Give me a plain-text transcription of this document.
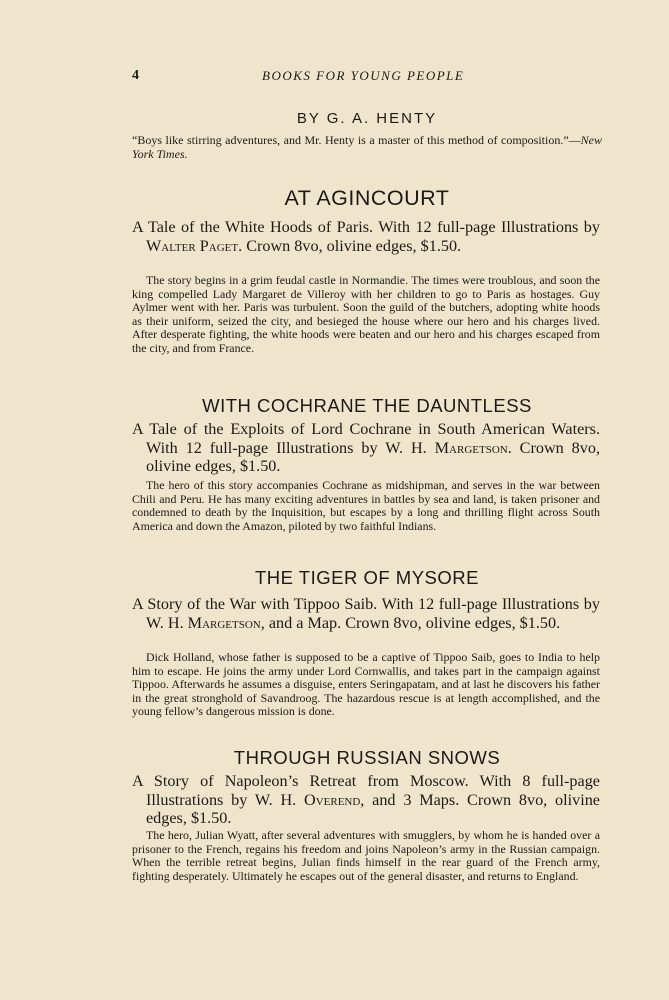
4	BOOKS FOR YOUNG PEOPLE
BY G. A. HENTY
“Boys like stirring adventures, and Mr. Henty is a master of this method of composition.”—New York Times.
AT AGINCOURT
A Tale of the White Hoods of Paris. With 12 full-page Illustrations by Walter Paget. Crown 8vo, olivine edges, $1.50.
The story begins in a grim feudal castle in Normandie. The times were troublous, and soon the king compelled Lady Margaret de Villeroy with her children to go to Paris as hostages. Guy Aylmer went with her. Paris was turbulent. Soon the guild of the butchers, adopting white hoods as their uniform, seized the city, and besieged the house where our hero and his charges lived. After desperate fighting, the white hoods were beaten and our hero and his charges escaped from the city, and from France.
WITH COCHRANE THE DAUNTLESS
A Tale of the Exploits of Lord Cochrane in South American Waters. With 12 full-page Illustrations by W. H. Margetson. Crown 8vo, olivine edges, $1.50.
The hero of this story accompanies Cochrane as midshipman, and serves in the war between Chili and Peru. He has many exciting adventures in battles by sea and land, is taken prisoner and condemned to death by the Inquisition, but escapes by a long and thrilling flight across South America and down the Amazon, piloted by two faithful Indians.
THE TIGER OF MYSORE
A Story of the War with Tippoo Saib. With 12 full-page Illustrations by W. H. Margetson, and a Map. Crown 8vo, olivine edges, $1.50.
Dick Holland, whose father is supposed to be a captive of Tippoo Saib, goes to India to help him to escape. He joins the army under Lord Cornwallis, and takes part in the campaign against Tippoo. Afterwards he assumes a disguise, enters Seringapatam, and at last he discovers his father in the great stronghold of Savandroog. The hazardous rescue is at length accomplished, and the young fellow’s dangerous mission is done.
THROUGH RUSSIAN SNOWS
A Story of Napoleon’s Retreat from Moscow. With 8 full-page Illustrations by W. H. Overend, and 3 Maps. Crown 8vo, olivine edges, $1.50.
The hero, Julian Wyatt, after several adventures with smugglers, by whom he is handed over a prisoner to the French, regains his freedom and joins Napoleon’s army in the Russian campaign. When the terrible retreat begins, Julian finds himself in the rear guard of the French army, fighting desperately. Ultimately he escapes out of the general disaster, and returns to England.
